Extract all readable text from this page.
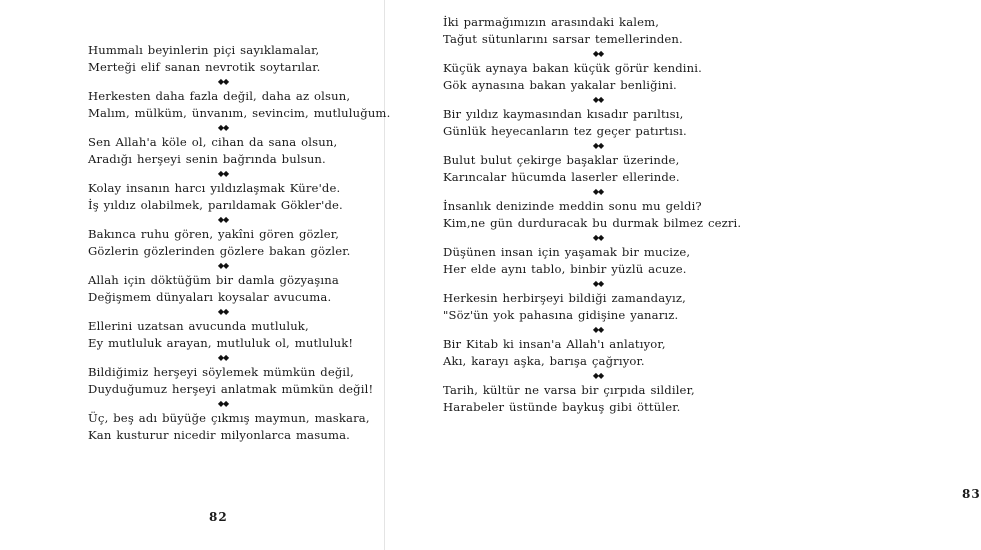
Hummalı beyinlerin piçi sayıklamalar,
Merteği elif sanan nevrotik soytarılar.
◆◆
Herkesten daha fazla değil, daha az olsun,
Malım, mülküm, ünvanım, sevincim, mutluluğum.
◆◆
Sen Allah'a köle ol, cihan da sana olsun,
Aradığı herşeyi senin bağrında bulsun.
◆◆
Kolay insanın harcı yıldızlaşmak Küre'de.
İş yıldız olabilmek, parıldamak Gökler'de.
◆◆
Bakınca ruhu gören, yakîni gören gözler,
Gözlerin gözlerinden gözlere bakan gözler.
◆◆
Allah için döktüğüm bir damla gözyaşına
Değişmem dünyaları koysalar avucuma.
◆◆
Ellerini uzatsan avucunda mutluluk,
Ey mutluluk arayan, mutluluk ol, mutluluk!
◆◆
Bildiğimiz herşeyi söylemek mümkün değil,
Duyduğumuz herşeyi anlatmak mümkün değil!
◆◆
Üç, beş adı büyüğe çıkmış maymun, maskara,
Kan kusturur nicedir milyonlarca masuma.
82
83
İki parmağımızın arasındaki kalem,
Tağut sütunlarını sarsar temellerinden.
◆◆
Küçük aynaya bakan küçük görür kendini.
Gök aynasına bakan yakalar benliğini.
◆◆
Bir yıldız kaymasından kısadır parıltısı,
Günlük heyecanların tez geçer patırtısı.
◆◆
Bulut bulut çekirge başaklar üzerinde,
Karıncalar hücumda laserler ellerinde.
◆◆
İnsanlık denizinde meddin sonu mu geldi?
Kim,ne gün durduracak bu durmak bilmez cezri.
◆◆
Düşünen insan için yaşamak bir mucize,
Her elde aynı tablo, binbir yüzlü acuze.
◆◆
Herkesin herbirşeyi bildiği zamandayız,
"Söz'ün yok pahasına gidişine yanarız.
◆◆
Bir Kitab ki insan'a Allah'ı anlatıyor,
Akı, karayı aşka, barışa çağrıyor.
◆◆
Tarih, kültür ne varsa bir çırpıda sildiler,
Harabeler üstünde baykuş gibi öttüler.
